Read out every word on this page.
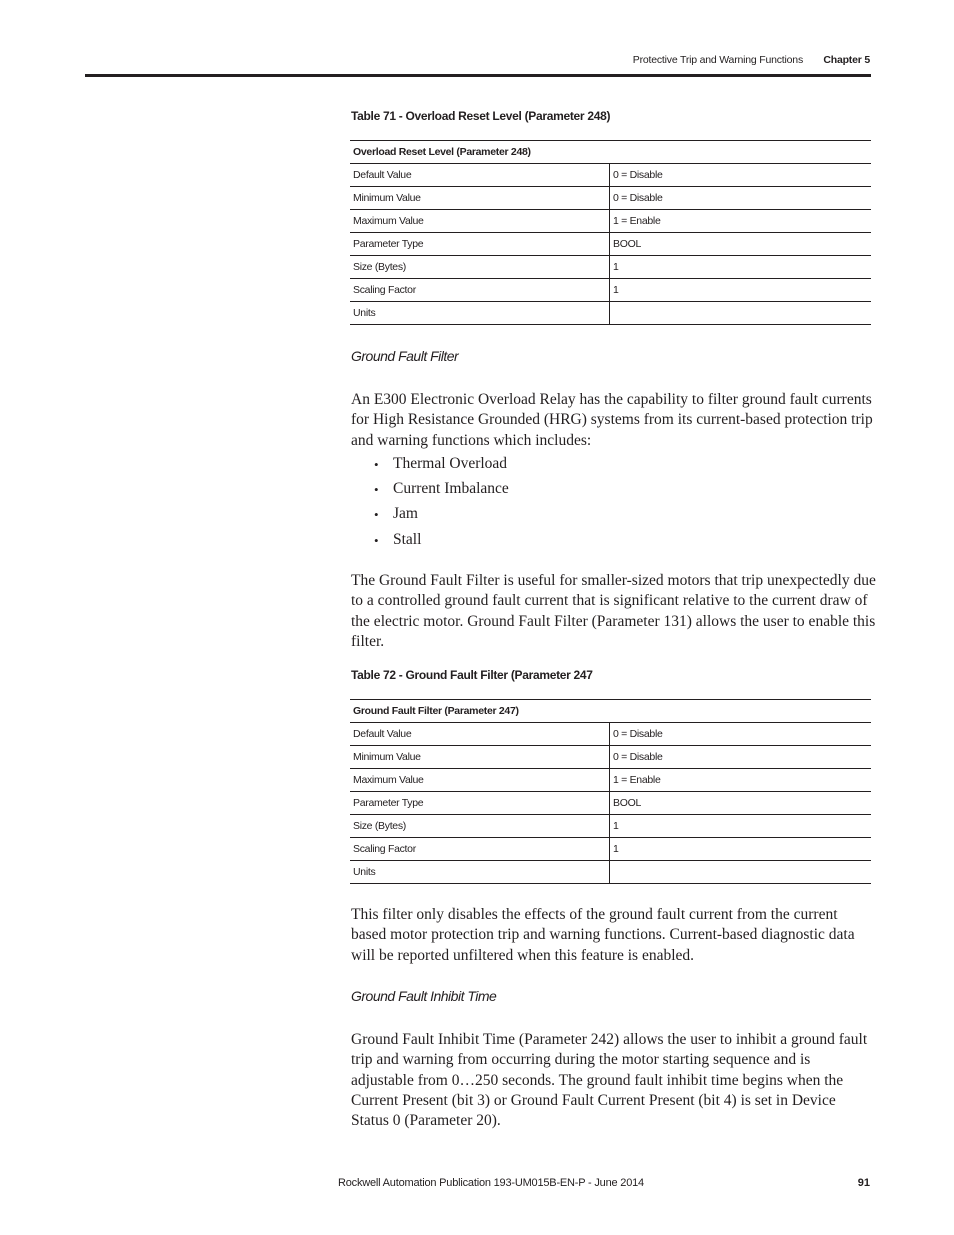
Protective Trip and Warning Functions Chapter 5
Table 71 - Overload Reset Level (Parameter 248)
Overload Reset Level (Parameter 248)	
Default Value	0 = Disable
Minimum Value	0 = Disable
Maximum Value	1 = Enable
Parameter Type	BOOL
Size (Bytes)	1
Scaling Factor	1
Units	
Ground Fault Filter

An E300 Electronic Overload Relay has the capability to filter ground fault currents for High Resistance Grounded (HRG) systems from its current-based protection trip and warning functions which includes:

• Thermal Overload
• Current Imbalance
• Jam
• Stall

The Ground Fault Filter is useful for smaller-sized motors that trip unexpectedly due to a controlled ground fault current that is significant relative to the current draw of the electric motor. Ground Fault Filter (Parameter 131) allows the user to enable this filter.

Table 72 - Ground Fault Filter (Parameter 247
Ground Fault Filter (Parameter 247)	
Default Value	0 = Disable
Minimum Value	0 = Disable
Maximum Value	1 = Enable
Parameter Type	BOOL
Size (Bytes)	1
Scaling Factor	1
Units	

This filter only disables the effects of the ground fault current from the current based motor protection trip and warning functions. Current-based diagnostic data will be reported unfiltered when this feature is enabled.

Ground Fault Inhibit Time

Ground Fault Inhibit Time (Parameter 242) allows the user to inhibit a ground fault trip and warning from occurring during the motor starting sequence and is adjustable from 0…250 seconds. The ground fault inhibit time begins when the Current Present (bit 3) or Ground Fault Current Present (bit 4) is set in Device Status 0 (Parameter 20).

Rockwell Automation Publication 193-UM015B-EN-P - June 2014	91
